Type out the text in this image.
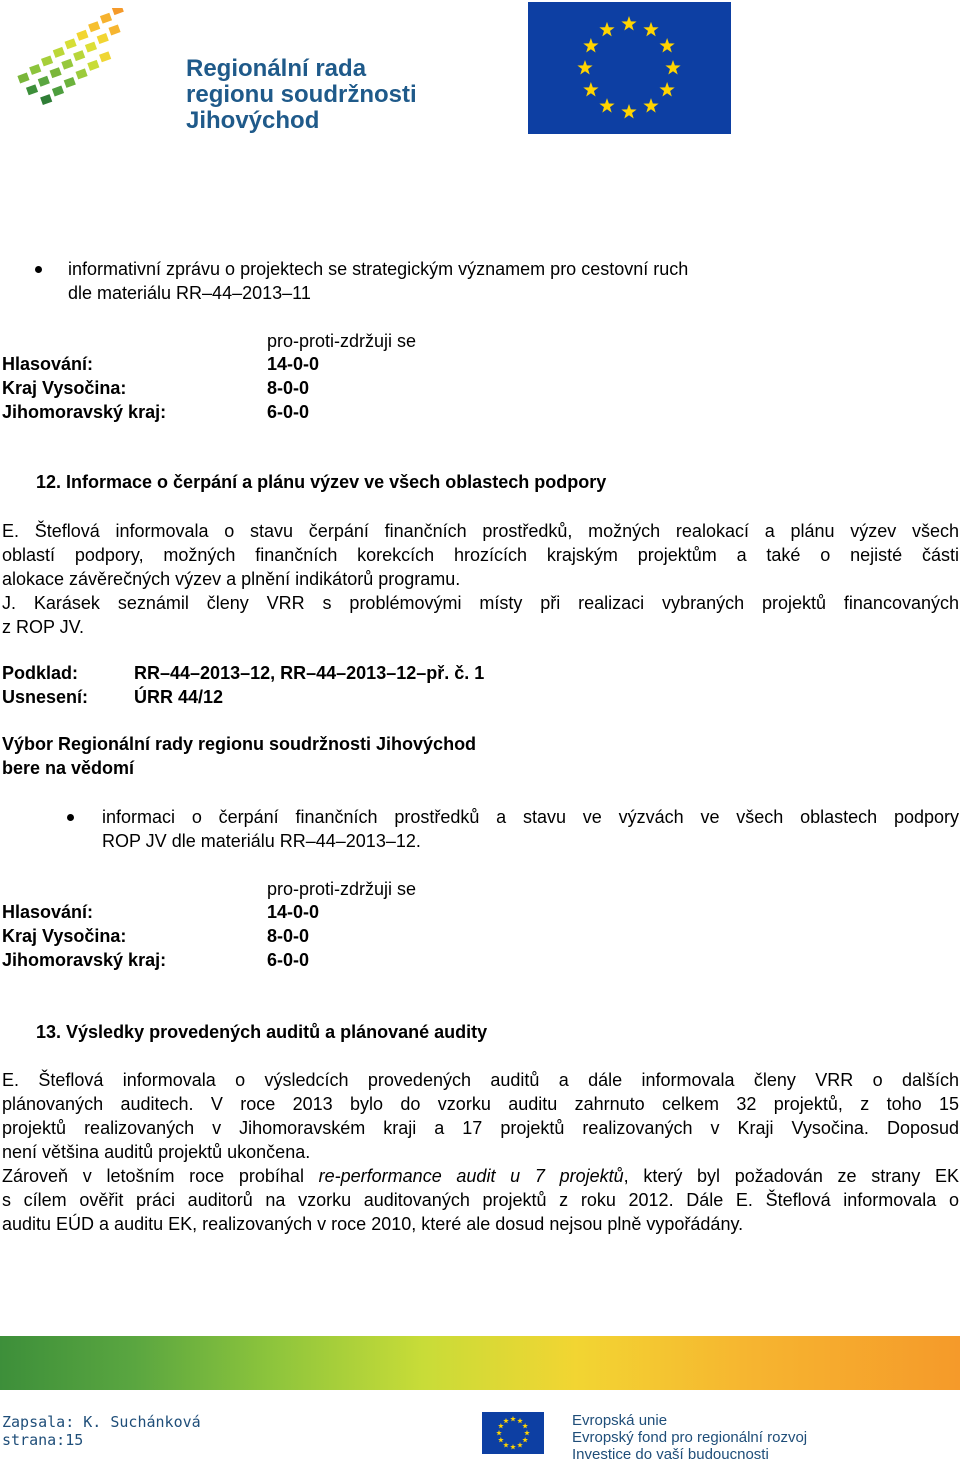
Regionální rada
regionu soudržnosti
Jihovýchod
informativní zprávu o projektech se strategickým významem pro cestovní ruch
dle materiálu RR–44–2013–11
pro-proti-zdržuji se
Hlasování:	14-0-0
Kraj Vysočina:	8-0-0
Jihomoravský kraj:	6-0-0
12. Informace o čerpání a plánu výzev ve všech oblastech podpory
E. Šteflová informovala o stavu čerpání finančních prostředků, možných realokací a plánu výzev všech
oblastí podpory, možných finančních korekcích hrozících krajským projektům a také o nejisté části
alokace závěrečných výzev a plnění indikátorů programu.
J. Karásek seznámil členy VRR s problémovými místy při realizaci vybraných projektů financovaných
z ROP JV.
Podklad:	RR–44–2013–12, RR–44–2013–12–př. č. 1
Usnesení:	ÚRR 44/12
Výbor Regionální rady regionu soudržnosti Jihovýchod
bere na vědomí
informaci o čerpání finančních prostředků a stavu ve výzvách ve všech oblastech podpory
ROP JV dle materiálu RR–44–2013–12.
pro-proti-zdržuji se
Hlasování:	14-0-0
Kraj Vysočina:	8-0-0
Jihomoravský kraj:	6-0-0
13. Výsledky provedených auditů a plánované audity
E. Šteflová informovala o výsledcích provedených auditů a dále informovala členy VRR o dalších
plánovaných auditech. V roce 2013 bylo do vzorku auditu zahrnuto celkem 32 projektů, z toho 15
projektů realizovaných v Jihomoravském kraji a 17 projektů realizovaných v Kraji Vysočina. Doposud
není většina auditů projektů ukončena.
Zároveň v letošním roce probíhal re-performance audit u 7 projektů, který byl požadován ze strany EK
s cílem ověřit práci auditorů na vzorku auditovaných projektů z roku 2012. Dále E. Šteflová informovala o
auditu EÚD a auditu EK, realizovaných v roce 2010, které ale dosud nejsou plně vypořádány.
Zapsala: K. Suchánková
strana:15
Evropská unie
Evropský fond pro regionální rozvoj
Investice do vaší budoucnosti
